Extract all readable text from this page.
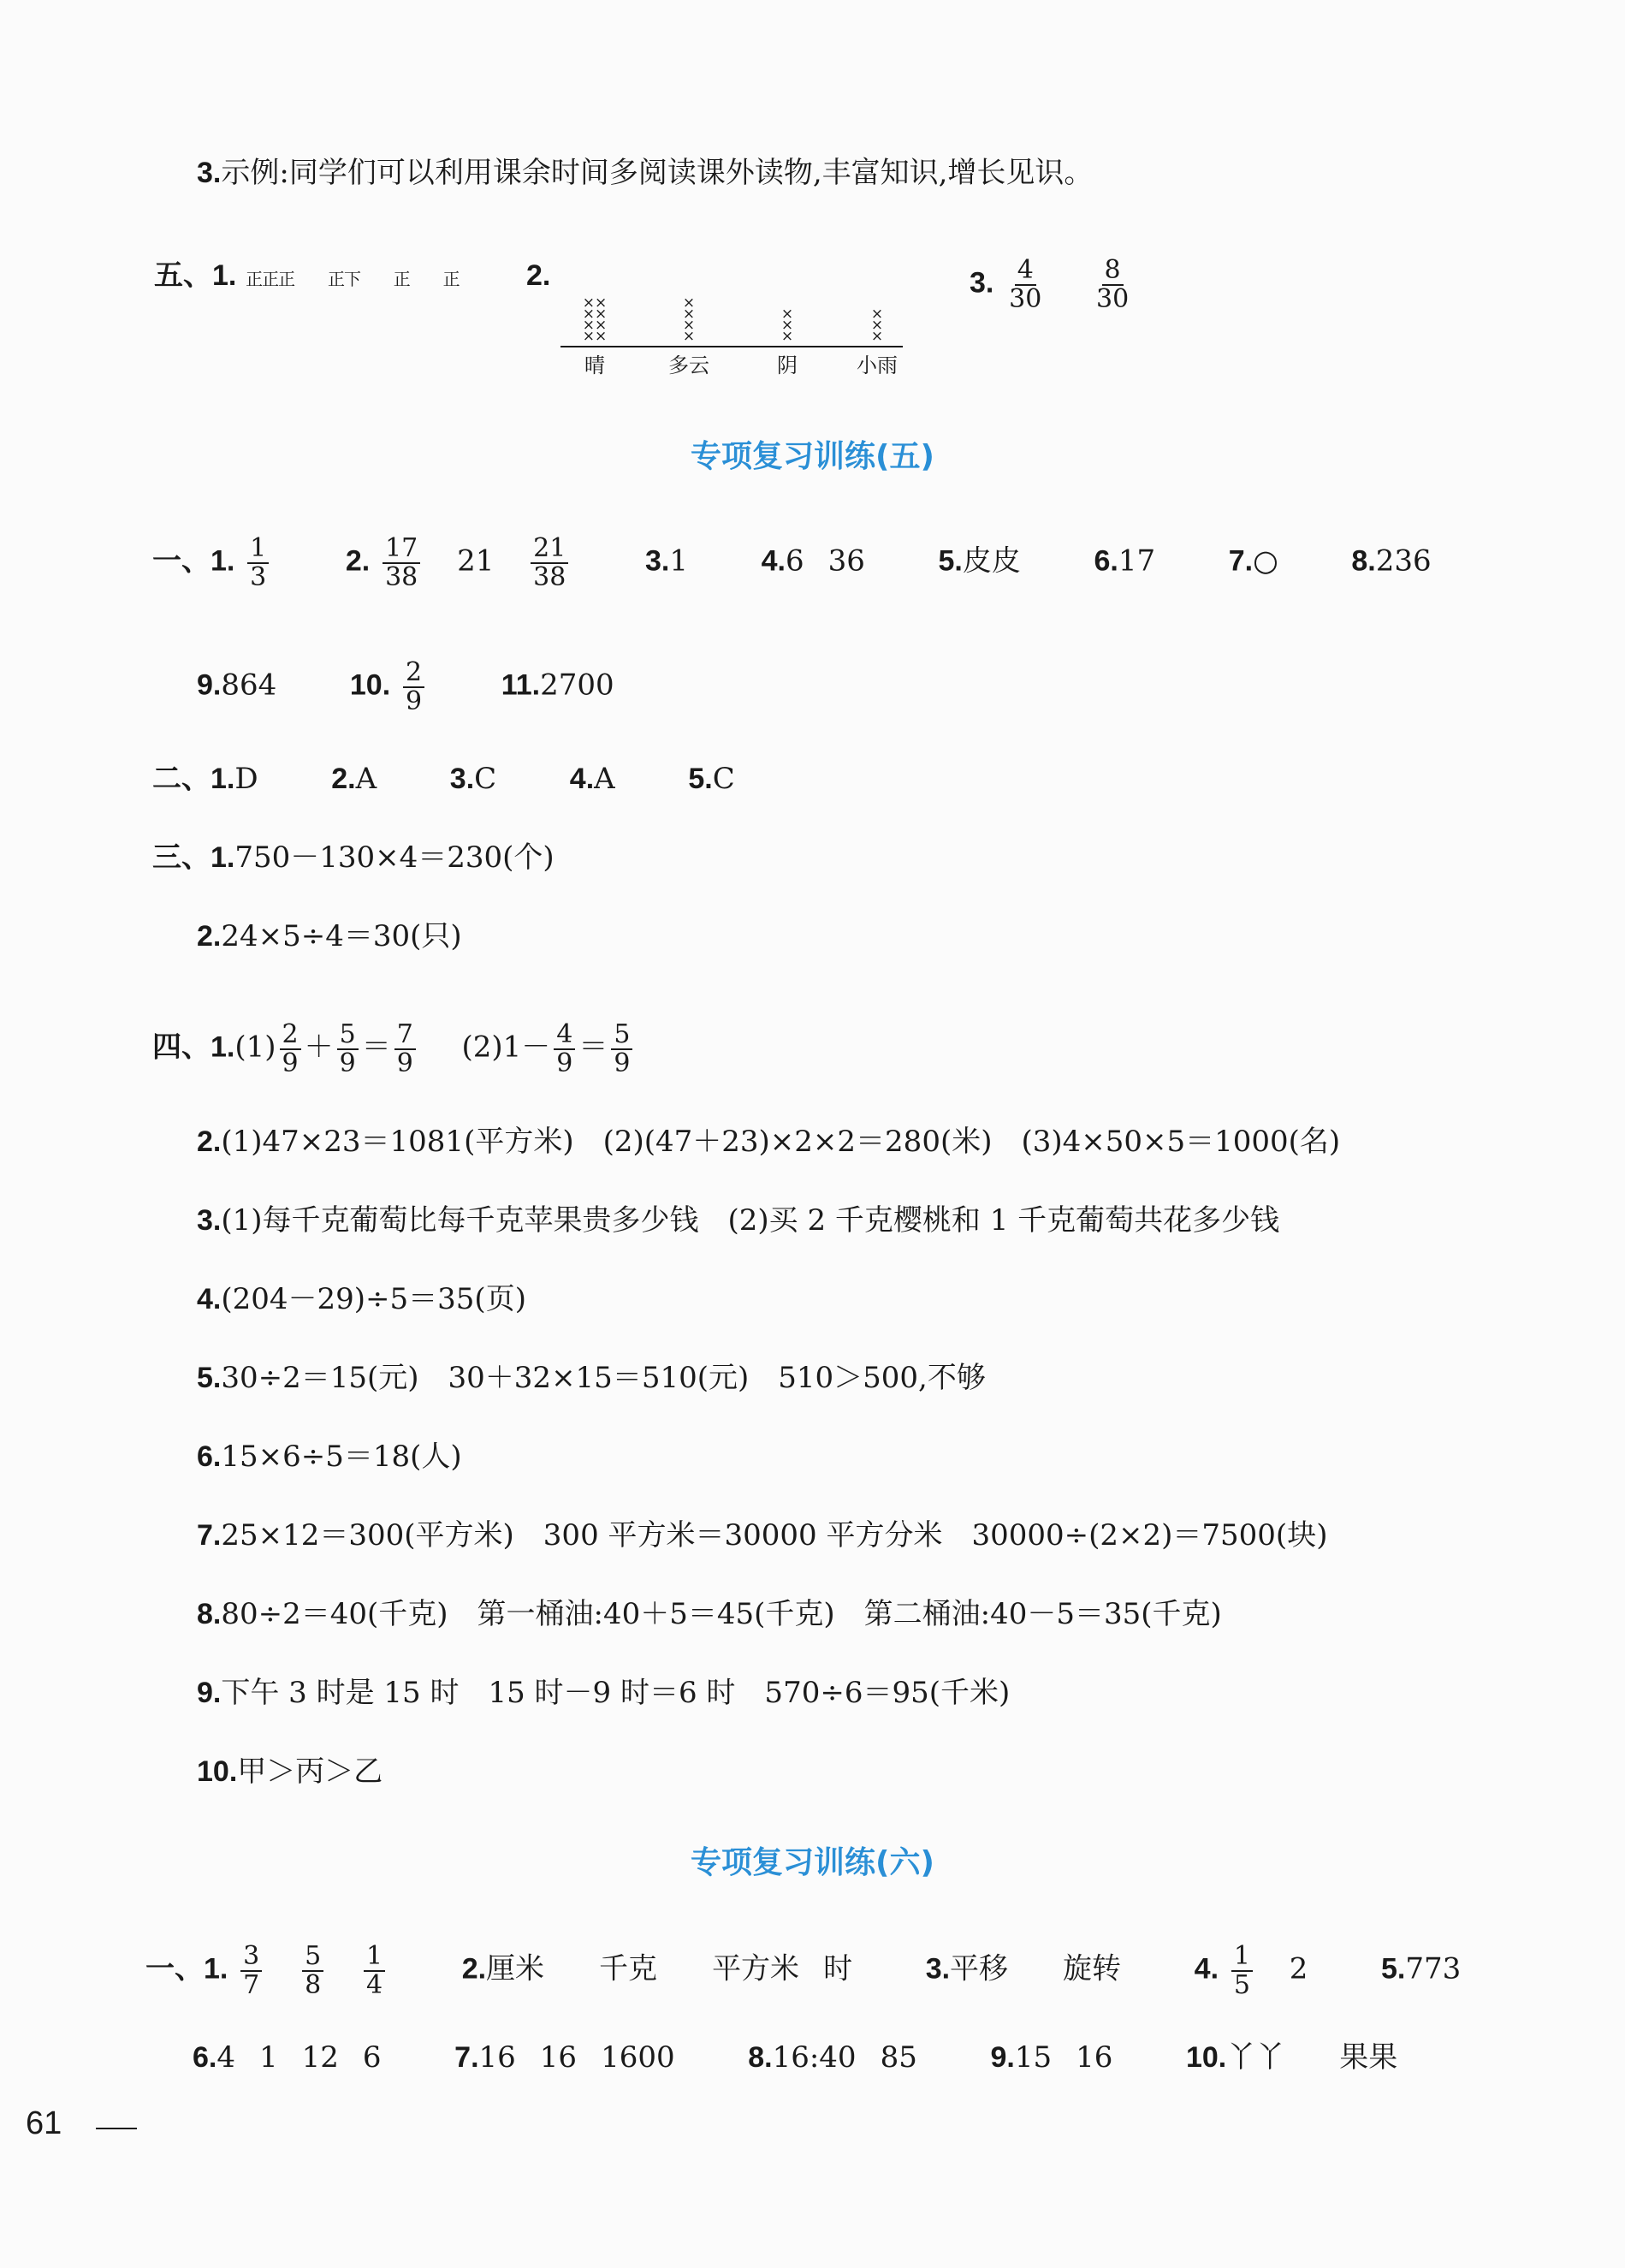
3.示例:同学们可以利用课余时间多阅读课外读物,丰富知识,增长见识。
五、1. 正正正 正下 正 正 2.
××
××
××
××
晴
×
×
×
×
多云
×
×
×
阴
×
×
×
小雨
3. $\frac{4}{30}$
$\frac{8}{30}$
专项复习训练(五)
一、1. $\frac{1}{3}$	2. $\frac{17}{38} 21 \frac{21}{38}$	3.1	4.6 36	5.皮皮	6.17	7.○	8.236
9.864	10. $\frac{2}{9}$	11.2700
二、1.D	2.A	3.C	4.A	5.C
三、1.750－130×4＝230(个)
2.24×5÷4＝30(只)
四、$1.(1) \frac{2}{9} + \frac{5}{9} = \frac{7}{9} (2)1- \frac{4}{9} = \frac{5}{9}$
2.(1)47×23＝1081(平方米)　(2)(47＋23)×2×2＝280(米)　(3)4×50×5＝1000(名)
3.(1)每千克葡萄比每千克苹果贵多少钱　(2)买 2 千克樱桃和 1 千克葡萄共花多少钱
4.(204－29)÷5＝35(页)
5.30÷2＝15(元)　30＋32×15＝510(元)　510＞500,不够
6.15×6÷5＝18(人)
7.25×12＝300(平方米)　300 平方米＝30000 平方分米　30000÷(2×2)＝7500(块)
8.80÷2＝40(千克)　第一桶油:40＋5＝45(千克)　第二桶油:40－5＝35(千克)
9.下午 3 时是 15 时　15 时－9 时＝6 时　570÷6＝95(千米)
10.甲＞丙＞乙
专项复习训练(六)
一、1. $\frac{3}{7}$
$\frac{5}{8}$
$\frac{1}{4}$	2.厘米 千克 平方米 时	3.平移 旋转	4. $\frac{1}{5} 2$	5.773
6.4 1 12 6	7.16 16 1600	8.16:40 85	9.15 16	10.丫丫 果果
61
